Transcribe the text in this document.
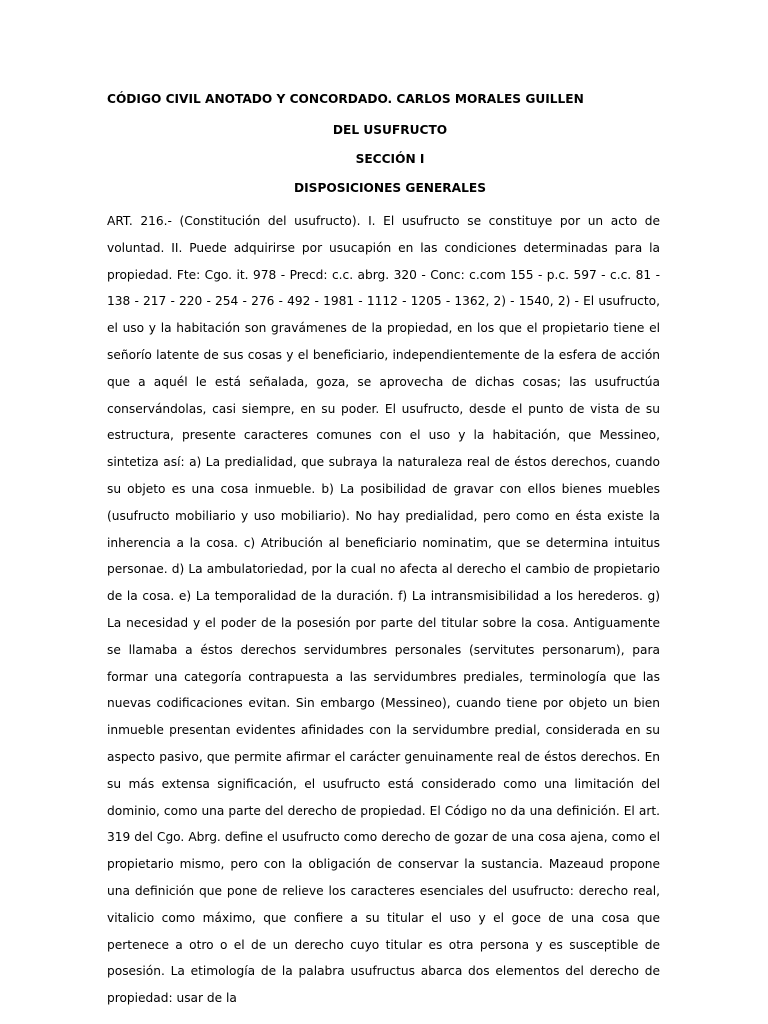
CÓDIGO CIVIL ANOTADO Y CONCORDADO. CARLOS MORALES GUILLEN

DEL USUFRUCTO

SECCIÓN I

DISPOSICIONES GENERALES

ART. 216.- (Constitución del usufructo). I. El usufructo se constituye por un acto de voluntad. II. Puede adquirirse por usucapión en las condiciones determinadas para la propiedad. Fte: Cgo. it. 978 - Precd: c.c. abrg. 320 - Conc: c.com 155 - p.c. 597 - c.c. 81 - 138 - 217 - 220 - 254 - 276 - 492 - 1981 - 1112 - 1205 - 1362, 2) - 1540, 2) - El usufructo, el uso y la habitación son gravámenes de la propiedad, en los que el propietario tiene el señorío latente de sus cosas y el beneficiario, independientemente de la esfera de acción que a aquél le está señalada, goza, se aprovecha de dichas cosas; las usufructúa conservándolas, casi siempre, en su poder. El usufructo, desde el punto de vista de su estructura, presente caracteres comunes con el uso y la habitación, que Messineo, sintetiza así: a) La predialidad, que subraya la naturaleza real de éstos derechos, cuando su objeto es una cosa inmueble. b) La posibilidad de gravar con ellos bienes muebles (usufructo mobiliario y uso mobiliario). No hay predialidad, pero como en ésta existe la inherencia a la cosa. c) Atribución al beneficiario nominatim, que se determina intuitus personae. d) La ambulatoriedad, por la cual no afecta al derecho el cambio de propietario de la cosa. e) La temporalidad de la duración. f) La intransmisibilidad a los herederos. g) La necesidad y el poder de la posesión por parte del titular sobre la cosa. Antiguamente se llamaba a éstos derechos servidumbres personales (servitutes personarum), para formar una categoría contrapuesta a las servidumbres prediales, terminología que las nuevas codificaciones evitan. Sin embargo (Messineo), cuando tiene por objeto un bien inmueble presentan evidentes afinidades con la servidumbre predial, considerada en su aspecto pasivo, que permite afirmar el carácter genuinamente real de éstos derechos. En su más extensa significación, el usufructo está considerado como una limitación del dominio, como una parte del derecho de propiedad. El Código no da una definición. El art. 319 del Cgo. Abrg. define el usufructo como derecho de gozar de una cosa ajena, como el propietario mismo, pero con la obligación de conservar la sustancia. Mazeaud propone una definición que pone de relieve los caracteres esenciales del usufructo: derecho real, vitalicio como máximo, que confiere a su titular el uso y el goce de una cosa que pertenece a otro o el de un derecho cuyo titular es otra persona y es susceptible de posesión. La etimología de la palabra usufructus abarca dos elementos del derecho de propiedad: usar de la
